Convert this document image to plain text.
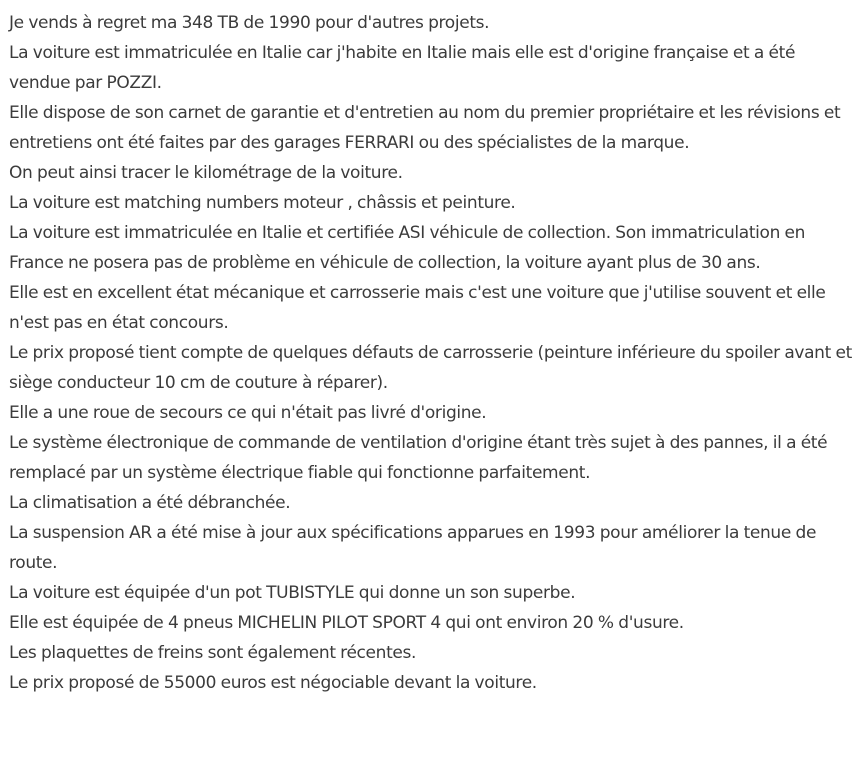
Je vends à regret ma 348 TB de 1990 pour d'autres projets.

La voiture est immatriculée en Italie car j'habite en Italie mais elle est d'origine française et a été vendue par POZZI.

Elle dispose de son carnet de garantie et d'entretien au nom du premier propriétaire et les révisions et entretiens ont été faites par des garages FERRARI ou des spécialistes de la marque.

On peut ainsi tracer le kilométrage de la voiture.

La voiture est matching numbers moteur , châssis et peinture.

La voiture est immatriculée en Italie et certifiée ASI véhicule de collection. Son immatriculation en France ne posera pas de problème en véhicule de collection, la voiture ayant plus de 30 ans.

Elle est en excellent état mécanique et carrosserie mais c'est une voiture que j'utilise souvent et elle n'est pas en état concours.

Le prix proposé tient compte de quelques défauts de carrosserie (peinture inférieure du spoiler avant et siège conducteur 10 cm de couture à réparer).

Elle a une roue de secours ce qui n'était pas livré d'origine.

Le système électronique de commande de ventilation d'origine étant très sujet à des pannes, il a été remplacé par un système électrique fiable qui fonctionne parfaitement.

La climatisation a été débranchée.

La suspension AR a été mise à jour aux spécifications apparues en 1993 pour améliorer la tenue de route.

La voiture est équipée d'un pot TUBISTYLE qui donne un son superbe.

Elle est équipée de 4 pneus MICHELIN PILOT SPORT 4 qui ont environ 20 % d'usure.

Les plaquettes de freins sont également récentes.

Le prix proposé de 55000 euros est négociable devant la voiture.
